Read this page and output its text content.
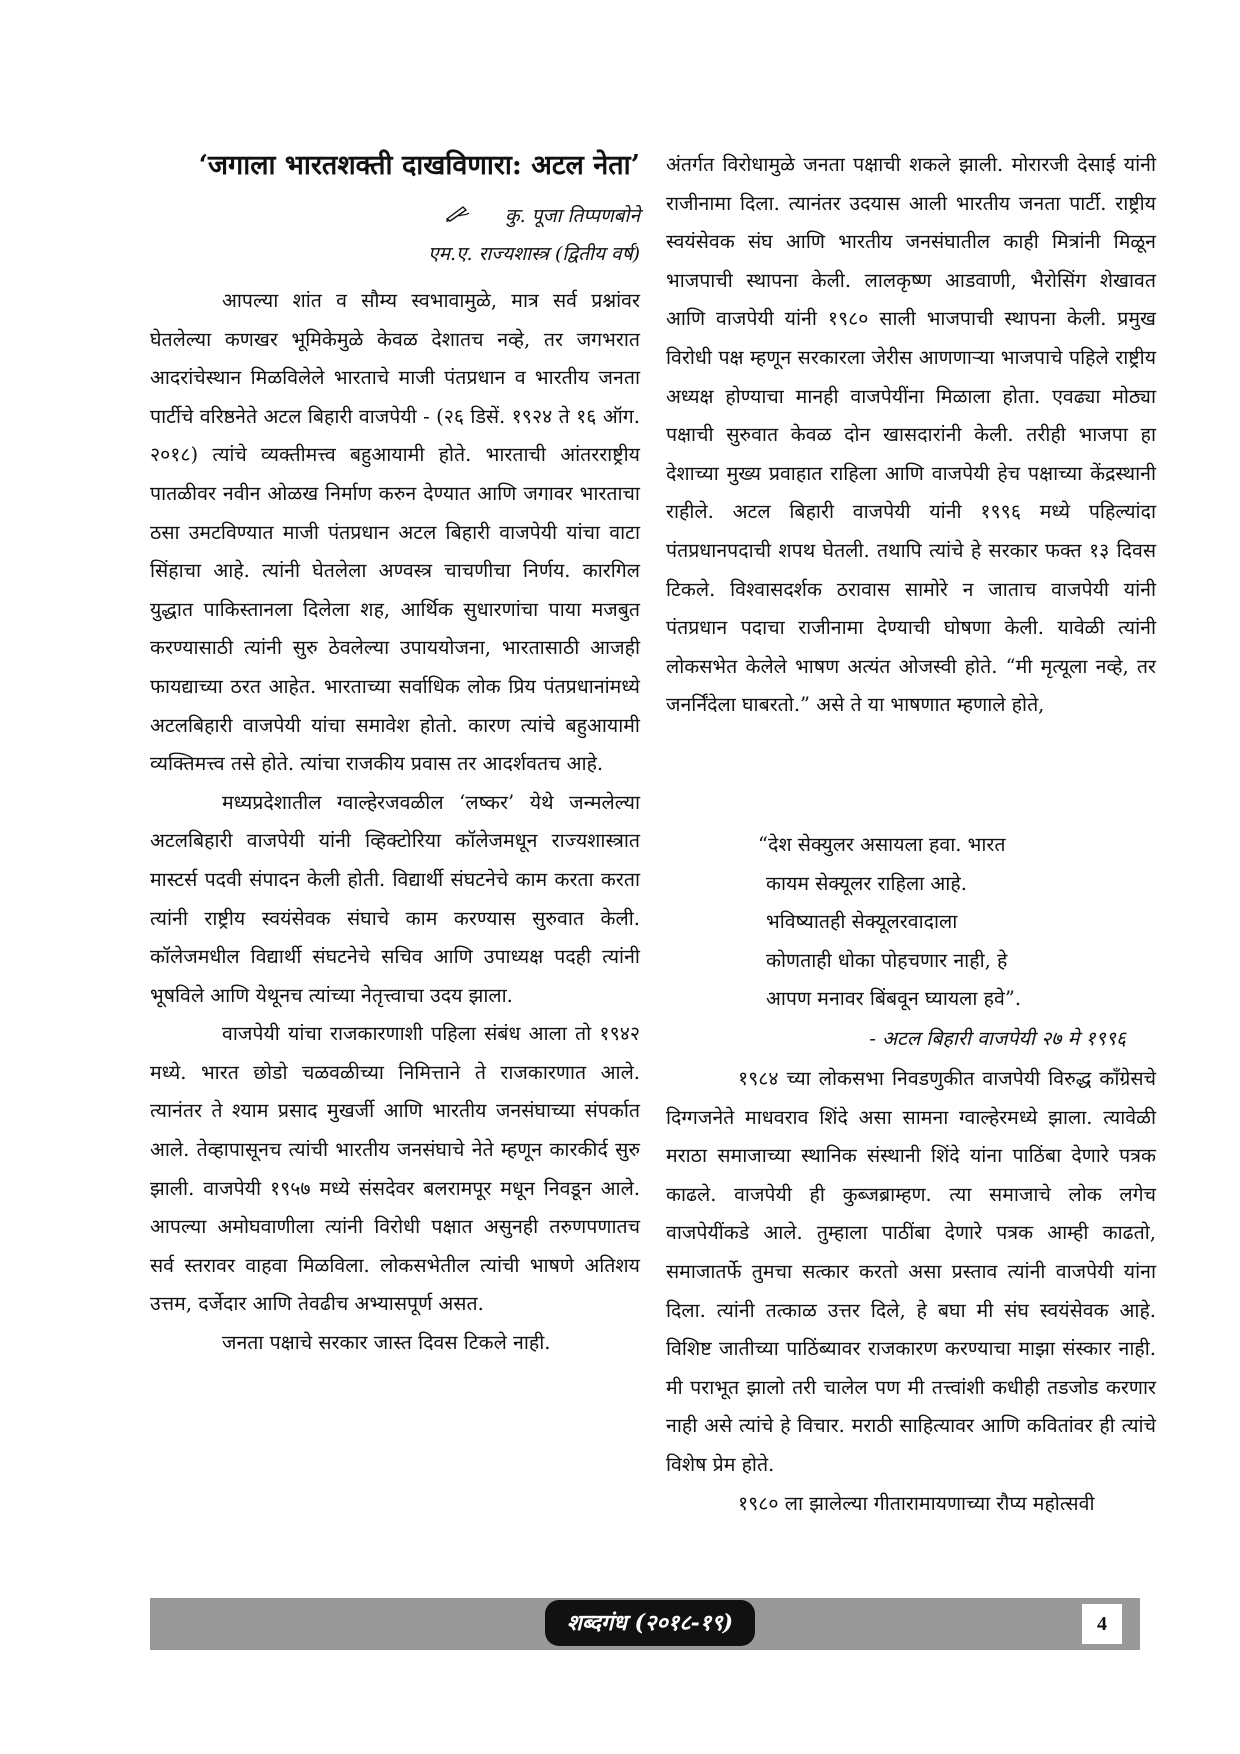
‘जगाला भारतशक्ती दाखविणारा: अटल नेता’
कु. पूजा तिप्पणबोने
एम.ए. राज्यशास्त्र (द्वितीय वर्ष)

आपल्या शांत व सौम्य स्वभावामुळे, मात्र सर्व प्रश्नांवर घेतलेल्या कणखर भूमिकेमुळे केवळ देशातच नव्हे, तर जगभरात आदरांचेस्थान मिळविलेले भारताचे माजी पंतप्रधान व भारतीय जनता पार्टीचे वरिष्ठनेते अटल बिहारी वाजपेयी - (२६ डिसें. १९२४ ते १६ ऑग. २०१८) त्यांचे व्यक्तीमत्त्व बहुआयामी होते. भारताची आंतरराष्ट्रीय पातळीवर नवीन ओळख निर्माण करुन देण्यात आणि जगावर भारताचा ठसा उमटविण्यात माजी पंतप्रधान अटल बिहारी वाजपेयी यांचा वाटा सिंहाचा आहे. त्यांनी घेतलेला अण्वस्त्र चाचणीचा निर्णय. कारगिल युद्धात पाकिस्तानला दिलेला शह, आर्थिक सुधारणांचा पाया मजबुत करण्यासाठी त्यांनी सुरु ठेवलेल्या उपाययोजना, भारतासाठी आजही फायद्याच्या ठरत आहेत. भारताच्या सर्वाधिक लोक प्रिय पंतप्रधानांमध्ये अटलबिहारी वाजपेयी यांचा समावेश होतो. कारण त्यांचे बहुआयामी व्यक्तिमत्त्व तसे होते. त्यांचा राजकीय प्रवास तर आदर्शवतच आहे.

मध्यप्रदेशातील ग्वाल्हेरजवळील ‘लष्कर’ येथे जन्मलेल्या अटलबिहारी वाजपेयी यांनी व्हिक्टोरिया कॉलेजमधून राज्यशास्त्रात मास्टर्स पदवी संपादन केली होती. विद्यार्थी संघटनेचे काम करता करता त्यांनी राष्ट्रीय स्वयंसेवक संघाचे काम करण्यास सुरुवात केली. कॉलेजमधील विद्यार्थी संघटनेचे सचिव आणि उपाध्यक्ष पदही त्यांनी भूषविले आणि येथूनच त्यांच्या नेतृत्त्वाचा उदय झाला.

वाजपेयी यांचा राजकारणाशी पहिला संबंध आला तो १९४२ मध्ये. भारत छोडो चळवळीच्या निमित्ताने ते राजकारणात आले. त्यानंतर ते श्याम प्रसाद मुखर्जी आणि भारतीय जनसंघाच्या संपर्कात आले. तेव्हापासूनच त्यांची भारतीय जनसंघाचे नेते म्हणून कारकीर्द सुरु झाली. वाजपेयी १९५७ मध्ये संसदेवर बलरामपूर मधून निवडून आले. आपल्या अमोघवाणीला त्यांनी विरोधी पक्षात असुनही तरुणपणातच सर्व स्तरावर वाहवा मिळविला. लोकसभेतील त्यांची भाषणे अतिशय उत्तम, दर्जेदार आणि तेवढीच अभ्यासपूर्ण असत.

जनता पक्षाचे सरकार जास्त दिवस टिकले नाही.

अंतर्गत विरोधामुळे जनता पक्षाची शकले झाली. मोरारजी देसाई यांनी राजीनामा दिला. त्यानंतर उदयास आली भारतीय जनता पार्टी. राष्ट्रीय स्वयंसेवक संघ आणि भारतीय जनसंघातील काही मित्रांनी मिळून भाजपाची स्थापना केली. लालकृष्ण आडवाणी, भैरोसिंग शेखावत आणि वाजपेयी यांनी १९८० साली भाजपाची स्थापना केली. प्रमुख विरोधी पक्ष म्हणून सरकारला जेरीस आणणाऱ्या भाजपाचे पहिले राष्ट्रीय अध्यक्ष होण्याचा मानही वाजपेयींना मिळाला होता. एवढ्या मोठ्या पक्षाची सुरुवात केवळ दोन खासदारांनी केली. तरीही भाजपा हा देशाच्या मुख्य प्रवाहात राहिला आणि वाजपेयी हेच पक्षाच्या केंद्रस्थानी राहीले. अटल बिहारी वाजपेयी यांनी १९९६ मध्ये पहिल्यांदा पंतप्रधानपदाची शपथ घेतली. तथापि त्यांचे हे सरकार फक्त १३ दिवस टिकले. विश्वासदर्शक ठरावास सामोरे न जाताच वाजपेयी यांनी पंतप्रधान पदाचा राजीनामा देण्याची घोषणा केली. यावेळी त्यांनी लोकसभेत केलेले भाषण अत्यंत ओजस्वी होते. “मी मृत्यूला नव्हे, तर जनर्निंदेला घाबरतो.” असे ते या भाषणात म्हणाले होते,

“देश सेक्युलर असायला हवा. भारत
कायम सेक्यूलर राहिला आहे.
भविष्यातही सेक्यूलरवादाला
कोणताही धोका पोहचणार नाही, हे
आपण मनावर बिंबवून घ्यायला हवे”.
- अटल बिहारी वाजपेयी २७ मे १९९६

१९८४ च्या लोकसभा निवडणुकीत वाजपेयी विरुद्ध काँग्रेसचे दिग्गजनेते माधवराव शिंदे असा सामना ग्वाल्हेरमध्ये झाला. त्यावेळी मराठा समाजाच्या स्थानिक संस्थानी शिंदे यांना पाठिंबा देणारे पत्रक काढले. वाजपेयी ही कुब्जब्राम्हण. त्या समाजाचे लोक लगेच वाजपेयींकडे आले. तुम्हाला पाठींबा देणारे पत्रक आम्ही काढतो, समाजातर्फे तुमचा सत्कार करतो असा प्रस्ताव त्यांनी वाजपेयी यांना दिला. त्यांनी तत्काळ उत्तर दिले, हे बघा मी संघ स्वयंसेवक आहे. विशिष्ट जातीच्या पाठिंब्यावर राजकारण करण्याचा माझा संस्कार नाही. मी पराभूत झालो तरी चालेल पण मी तत्त्वांशी कधीही तडजोड करणार नाही असे त्यांचे हे विचार. मराठी साहित्यावर आणि कवितांवर ही त्यांचे विशेष प्रेम होते.

१९८० ला झालेल्या गीतारामायणाच्या रौप्य महोत्सवी

शब्दगंध (२०१८-१९)	4
